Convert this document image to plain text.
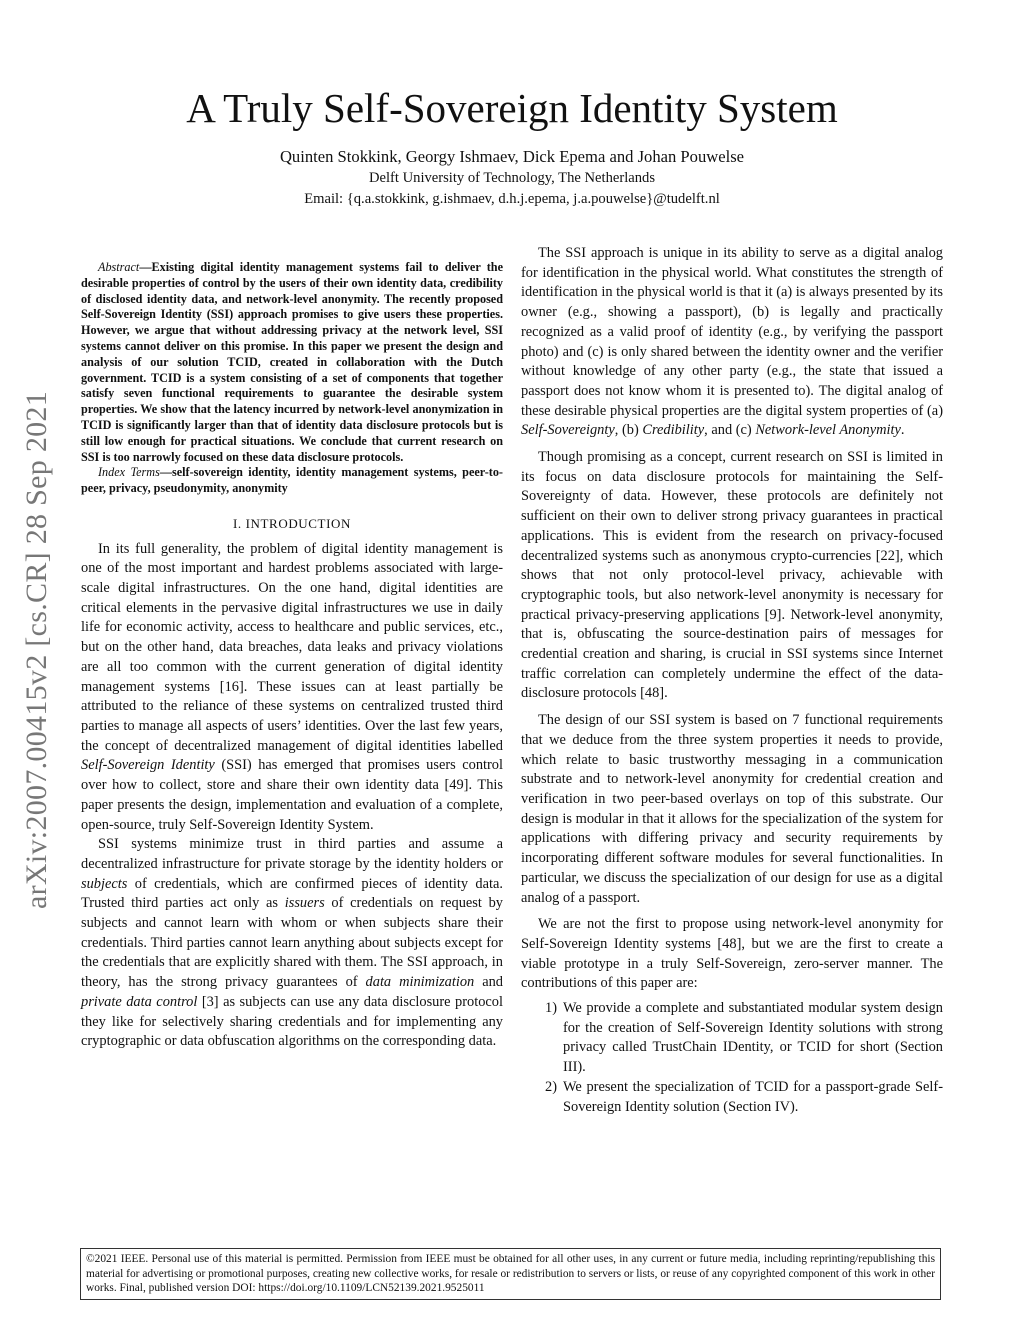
arXiv:2007.00415v2 [cs.CR] 28 Sep 2021
A Truly Self-Sovereign Identity System
Quinten Stokkink, Georgy Ishmaev, Dick Epema and Johan Pouwelse
Delft University of Technology, The Netherlands
Email: {q.a.stokkink, g.ishmaev, d.h.j.epema, j.a.pouwelse}@tudelft.nl

Abstract—Existing digital identity management systems fail to deliver the desirable properties of control by the users of their own identity data, credibility of disclosed identity data, and network-level anonymity. The recently proposed Self-Sovereign Identity (SSI) approach promises to give users these properties. However, we argue that without addressing privacy at the network level, SSI systems cannot deliver on this promise. In this paper we present the design and analysis of our solution TCID, created in collaboration with the Dutch government. TCID is a system consisting of a set of components that together satisfy seven functional requirements to guarantee the desirable system properties. We show that the latency incurred by network-level anonymization in TCID is significantly larger than that of identity data disclosure protocols but is still low enough for practical situations. We conclude that current research on SSI is too narrowly focused on these data disclosure protocols.

Index Terms—self-sovereign identity, identity management systems, peer-to-peer, privacy, pseudonymity, anonymity

I. INTRODUCTION

In its full generality, the problem of digital identity management is one of the most important and hardest problems associated with large-scale digital infrastructures. On the one hand, digital identities are critical elements in the pervasive digital infrastructures we use in daily life for economic activity, access to healthcare and public services, etc., but on the other hand, data breaches, data leaks and privacy violations are all too common with the current generation of digital identity management systems [16]. These issues can at least partially be attributed to the reliance of these systems on centralized trusted third parties to manage all aspects of users’ identities. Over the last few years, the concept of decentralized management of digital identities labelled Self-Sovereign Identity (SSI) has emerged that promises users control over how to collect, store and share their own identity data [49]. This paper presents the design, implementation and evaluation of a complete, open-source, truly Self-Sovereign Identity System.

SSI systems minimize trust in third parties and assume a decentralized infrastructure for private storage by the identity holders or subjects of credentials, which are confirmed pieces of identity data. Trusted third parties act only as issuers of credentials on request by subjects and cannot learn with whom or when subjects share their credentials. Third parties cannot learn anything about subjects except for the credentials that are explicitly shared with them. The SSI approach, in theory, has the strong privacy guarantees of data minimization and private data control [3] as subjects can use any data disclosure protocol they like for selectively sharing credentials and for implementing any cryptographic or data obfuscation algorithms on the corresponding data.

The SSI approach is unique in its ability to serve as a digital analog for identification in the physical world. What constitutes the strength of identification in the physical world is that it (a) is always presented by its owner (e.g., showing a passport), (b) is legally and practically recognized as a valid proof of identity (e.g., by verifying the passport photo) and (c) is only shared between the identity owner and the verifier without knowledge of any other party (e.g., the state that issued a passport does not know whom it is presented to). The digital analog of these desirable physical properties are the digital system properties of (a) Self-Sovereignty, (b) Credibility, and (c) Network-level Anonymity.

Though promising as a concept, current research on SSI is limited in its focus on data disclosure protocols for maintaining the Self-Sovereignty of data. However, these protocols are definitely not sufficient on their own to deliver strong privacy guarantees in practical applications. This is evident from the research on privacy-focused decentralized systems such as anonymous crypto-currencies [22], which shows that not only protocol-level privacy, achievable with cryptographic tools, but also network-level anonymity is necessary for practical privacy-preserving applications [9]. Network-level anonymity, that is, obfuscating the source-destination pairs of messages for credential creation and sharing, is crucial in SSI systems since Internet traffic correlation can completely undermine the effect of the data-disclosure protocols [48].

The design of our SSI system is based on 7 functional requirements that we deduce from the three system properties it needs to provide, which relate to basic trustworthy messaging in a communication substrate and to network-level anonymity for credential creation and verification in two peer-based overlays on top of this substrate. Our design is modular in that it allows for the specialization of the system for applications with differing privacy and security requirements by incorporating different software modules for several functionalities. In particular, we discuss the specialization of our design for use as a digital analog of a passport.

We are not the first to propose using network-level anonymity for Self-Sovereign Identity systems [48], but we are the first to create a viable prototype in a truly Self-Sovereign, zero-server manner. The contributions of this paper are:

1) We provide a complete and substantiated modular system design for the creation of Self-Sovereign Identity solutions with strong privacy called TrustChain IDentity, or TCID for short (Section III).
2) We present the specialization of TCID for a passport-grade Self-Sovereign Identity solution (Section IV).
©2021 IEEE. Personal use of this material is permitted. Permission from IEEE must be obtained for all other uses, in any current or future media, including reprinting/republishing this material for advertising or promotional purposes, creating new collective works, for resale or redistribution to servers or lists, or reuse of any copyrighted component of this work in other works. Final, published version DOI: https://doi.org/10.1109/LCN52139.2021.9525011
